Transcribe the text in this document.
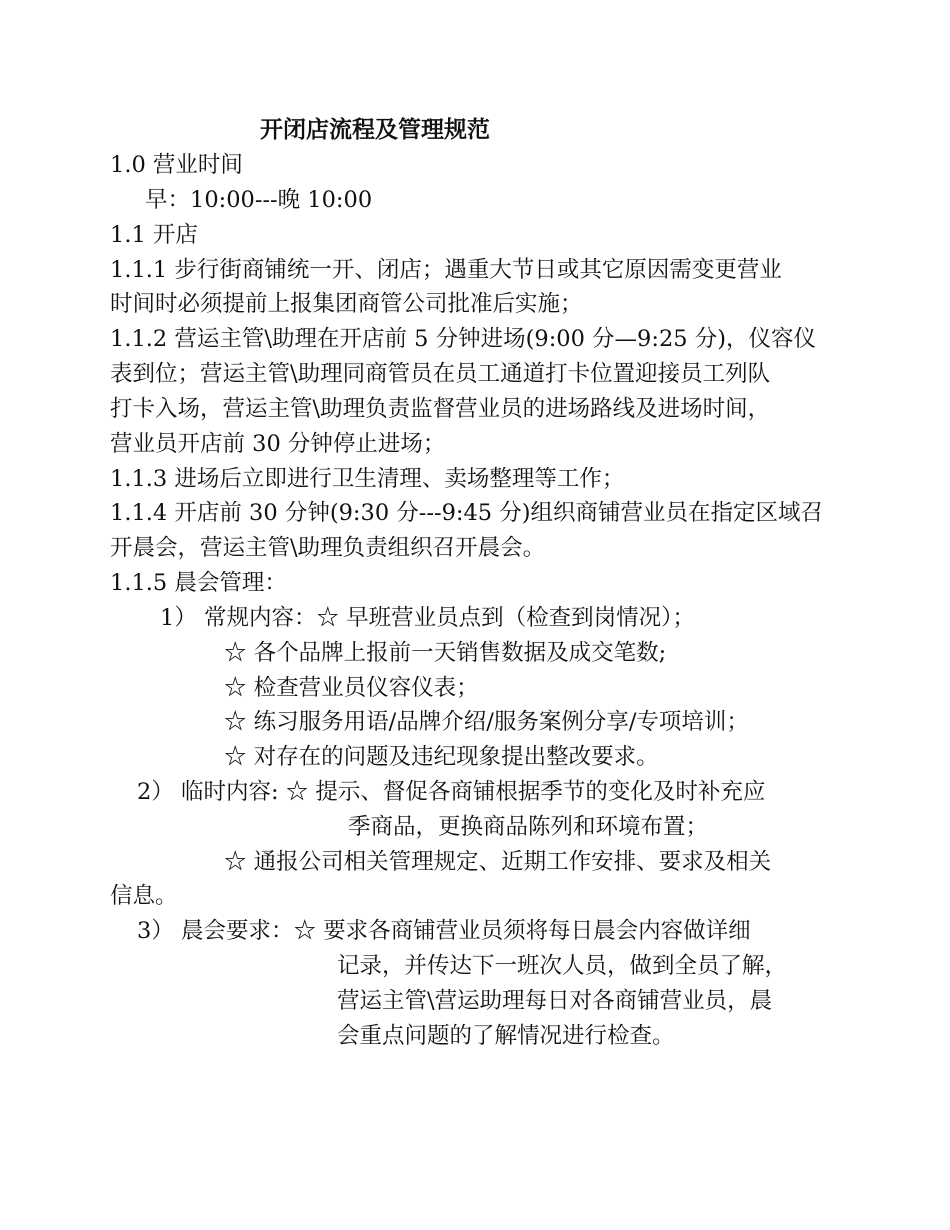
开闭店流程及管理规范
1.0 营业时间
早：10:00---晚 10:00
1.1 开店
1.1.1 步行街商铺统一开、闭店；遇重大节日或其它原因需变更营业
时间时必须提前上报集团商管公司批准后实施；
1.1.2 营运主管\助理在开店前 5 分钟进场(9:00 分—9:25 分)，仪容仪
表到位；营运主管\助理同商管员在员工通道打卡位置迎接员工列队
打卡入场，营运主管\助理负责监督营业员的进场路线及进场时间，
营业员开店前 30 分钟停止进场；
1.1.3 进场后立即进行卫生清理、卖场整理等工作；
1.1.4 开店前 30 分钟(9:30 分---9:45 分)组织商铺营业员在指定区域召
开晨会，营运主管\助理负责组织召开晨会。
1.1.5 晨会管理：
1） 常规内容：☆ 早班营业员点到（检查到岗情况）；
☆ 各个品牌上报前一天销售数据及成交笔数;
☆ 检查营业员仪容仪表；
☆ 练习服务用语/品牌介绍/服务案例分享/专项培训；
☆ 对存在的问题及违纪现象提出整改要求。
2） 临时内容: ☆ 提示、督促各商铺根据季节的变化及时补充应
季商品，更换商品陈列和环境布置；
☆ 通报公司相关管理规定、近期工作安排、要求及相关
信息。
3） 晨会要求：☆ 要求各商铺营业员须将每日晨会内容做详细
记录，并传达下一班次人员，做到全员了解，
营运主管\营运助理每日对各商铺营业员，晨
会重点问题的了解情况进行检查。
